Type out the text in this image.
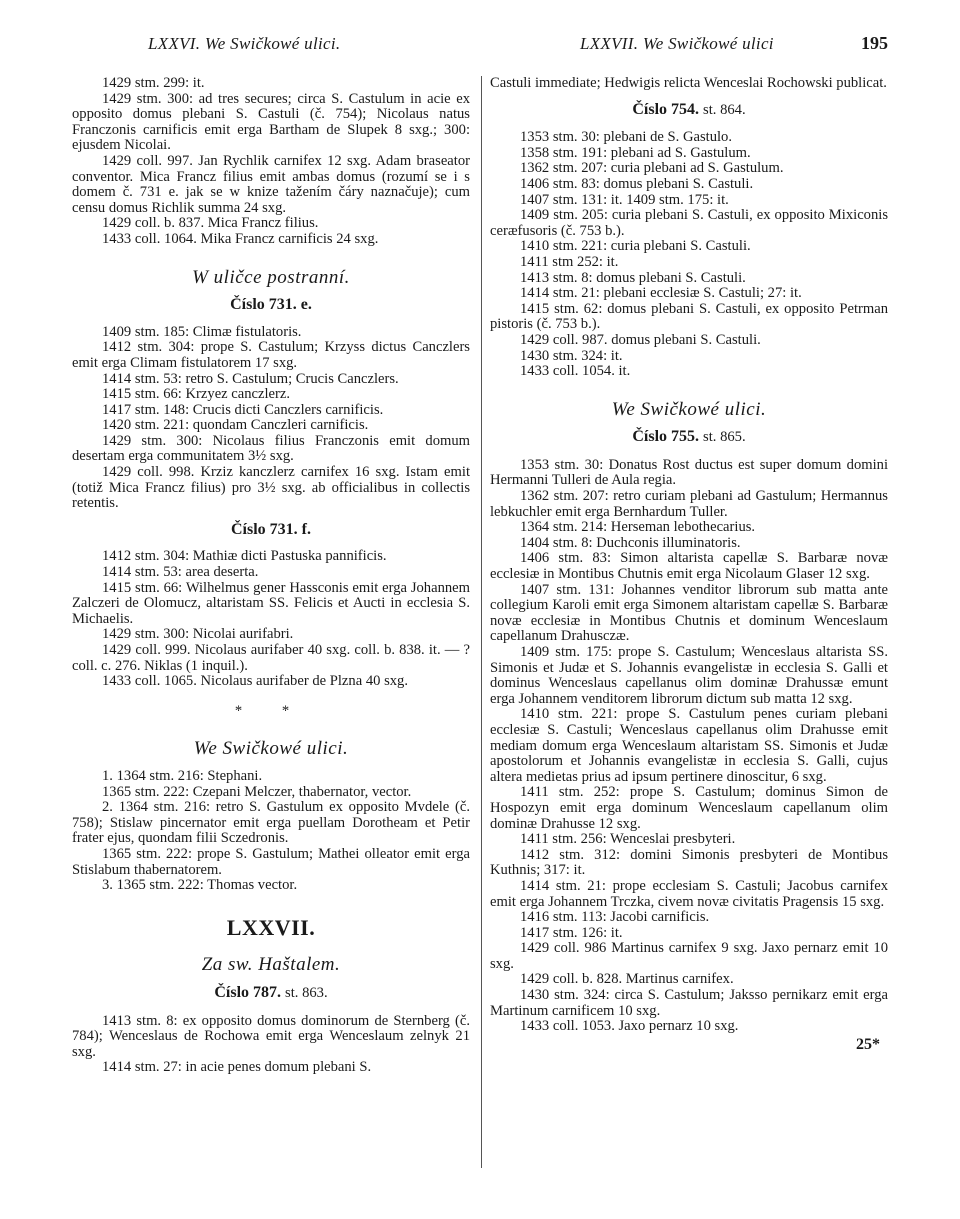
LXXVI. We Swičkowé ulici.	LXXVII. We Swičkowé ulici	195

1429 stm. 299: it.

1429 stm. 300: ad tres secures; circa S. Castulum in acie ex opposito domus plebani S. Castuli (č. 754); Nicolaus natus Franczonis carnificis emit erga Bartham de Slupek 8 sxg.; 300: ejusdem Nicolai.

1429 coll. 997. Jan Rychlik carnifex 12 sxg. Adam braseator conventor. Mica Francz filius emit ambas domus (rozumí se i s domem č. 731 e. jak se w knize tažením čáry naznačuje); cum censu domus Richlik summa 24 sxg.

1429 coll. b. 837. Mica Francz filius.

1433 coll. 1064. Mika Francz carnificis 24 sxg.

W uličce postranní.

Číslo 731. e.

1409 stm. 185: Climæ fistulatoris.

1412 stm. 304: prope S. Castulum; Krzyss dictus Canczlers emit erga Climam fistulatorem 17 sxg.

1414 stm. 53: retro S. Castulum; Crucis Canczlers.

1415 stm. 66: Krzyez canczlerz.

1417 stm. 148: Crucis dicti Canczlers carnificis.

1420 stm. 221: quondam Canczleri carnificis.

1429 stm. 300: Nicolaus filius Franczonis emit domum desertam erga communitatem 3½ sxg.

1429 coll. 998. Krziz kanczlerz carnifex 16 sxg. Istam emit (totiž Mica Francz filius) pro 3½ sxg. ab officialibus in collectis retentis.

Číslo 731. f.

1412 stm. 304: Mathiæ dicti Pastuska pannificis.

1414 stm. 53: area deserta.

1415 stm. 66: Wilhelmus gener Hassconis emit erga Johannem Zalczeri de Olomucz, altaristam SS. Felicis et Aucti in ecclesia S. Michaelis.

1429 stm. 300: Nicolai aurifabri.

1429 coll. 999. Nicolaus aurifaber 40 sxg. coll. b. 838. it. — ? coll. c. 276. Niklas (1 inquil.).

1433 coll. 1065. Nicolaus aurifaber de Plzna 40 sxg.

* *

We Swičkowé ulici.

1. 1364 stm. 216: Stephani.

1365 stm. 222: Czepani Melczer, thabernator, vector.

2. 1364 stm. 216: retro S. Gastulum ex opposito Mvdele (č. 758); Stislaw pincernator emit erga puellam Dorotheam et Petir frater ejus, quondam filii Sczedronis.

1365 stm. 222: prope S. Gastulum; Mathei olleator emit erga Stislabum thabernatorem.

3. 1365 stm. 222: Thomas vector.

LXXVII.

Za sw. Haštalem.

Číslo 787. st. 863.

1413 stm. 8: ex opposito domus dominorum de Sternberg (č. 784); Wenceslaus de Rochowa emit erga Wenceslaum zelnyk 21 sxg.

1414 stm. 27: in acie penes domum plebani S.

Castuli immediate; Hedwigis relicta Wenceslai Rochowski publicat.

Číslo 754. st. 864.

1353 stm. 30: plebani de S. Gastulo.

1358 stm. 191: plebani ad S. Gastulum.

1362 stm. 207: curia plebani ad S. Gastulum.

1406 stm. 83: domus plebani S. Castuli.

1407 stm. 131: it. 1409 stm. 175: it.

1409 stm. 205: curia plebani S. Castuli, ex opposito Mixiconis ceræfusoris (č. 753 b.).

1410 stm. 221: curia plebani S. Castuli.

1411 stm 252: it.

1413 stm. 8: domus plebani S. Castuli.

1414 stm. 21: plebani ecclesiæ S. Castuli; 27: it.

1415 stm. 62: domus plebani S. Castuli, ex opposito Petrman pistoris (č. 753 b.).

1429 coll. 987. domus plebani S. Castuli.

1430 stm. 324: it.

1433 coll. 1054. it.

We Swičkowé ulici.

Číslo 755. st. 865.

1353 stm. 30: Donatus Rost ductus est super domum domini Hermanni Tulleri de Aula regia.

1362 stm. 207: retro curiam plebani ad Gastulum; Hermannus lebkuchler emit erga Bernhardum Tuller.

1364 stm. 214: Herseman lebothecarius.

1404 stm. 8: Duchconis illuminatoris.

1406 stm. 83: Simon altarista capellæ S. Barbaræ novæ ecclesiæ in Montibus Chutnis emit erga Nicolaum Glaser 12 sxg.

1407 stm. 131: Johannes venditor librorum sub matta ante collegium Karoli emit erga Simonem altaristam capellæ S. Barbaræ novæ ecclesiæ in Montibus Chutnis et dominum Wenceslaum capellanum Drahusczæ.

1409 stm. 175: prope S. Castulum; Wenceslaus altarista SS. Simonis et Judæ et S. Johannis evangelistæ in ecclesia S. Galli et dominus Wenceslaus capellanus olim dominæ Drahussæ emunt erga Johannem venditorem librorum dictum sub matta 12 sxg.

1410 stm. 221: prope S. Castulum penes curiam plebani ecclesiæ S. Castuli; Wenceslaus capellanus olim Drahusse emit mediam domum erga Wenceslaum altaristam SS. Simonis et Judæ apostolorum et Johannis evangelistæ in ecclesia S. Galli, cujus altera medietas prius ad ipsum pertinere dinoscitur, 6 sxg.

1411 stm. 252: prope S. Castulum; dominus Simon de Hospozyn emit erga dominum Wenceslaum capellanum olim dominæ Drahusse 12 sxg.

1411 stm. 256: Wenceslai presbyteri.

1412 stm. 312: domini Simonis presbyteri de Montibus Kuthnis; 317: it.

1414 stm. 21: prope ecclesiam S. Castuli; Jacobus carnifex emit erga Johannem Trczka, civem novæ civitatis Pragensis 15 sxg.

1416 stm. 113: Jacobi carnificis.

1417 stm. 126: it.

1429 coll. 986 Martinus carnifex 9 sxg. Jaxo pernarz emit 10 sxg.

1429 coll. b. 828. Martinus carnifex.

1430 stm. 324: circa S. Castulum; Jaksso pernikarz emit erga Martinum carnificem 10 sxg.

1433 coll. 1053. Jaxo pernarz 10 sxg.

25*
